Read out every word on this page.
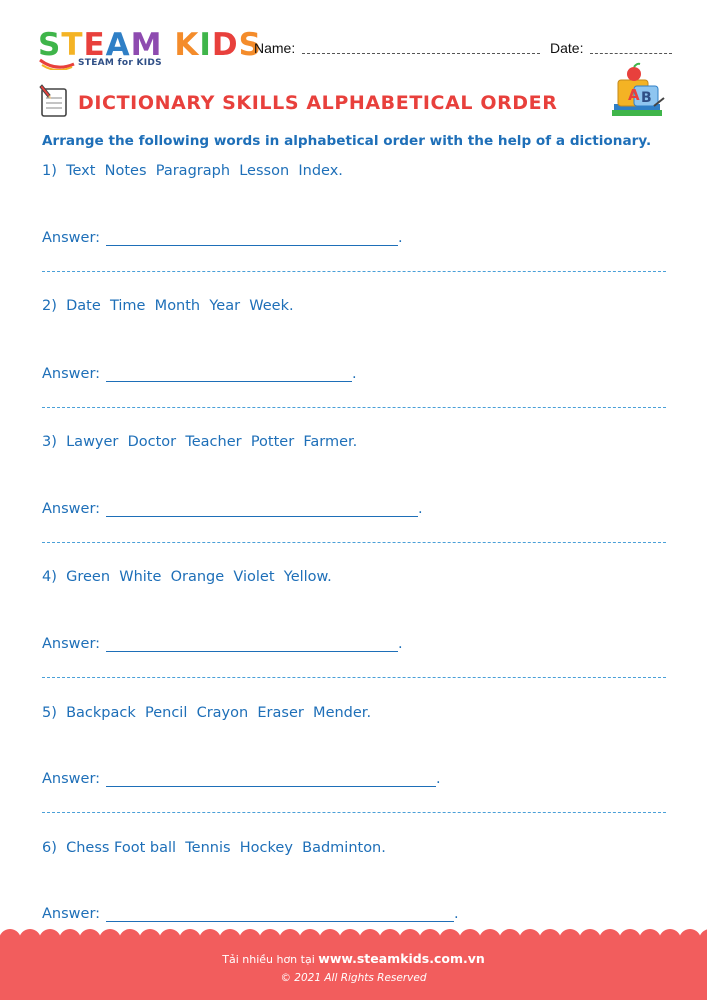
STEAM KIDS
STEAM for KIDS
Name:	Date:
DICTIONARY SKILLS ALPHABETICAL ORDER	A B
Arrange the following words in alphabetical order with the help of a dictionary.
1)  Text  Notes  Paragraph  Lesson  Index.
Answer:	.
2)  Date  Time  Month  Year  Week.
Answer:	.
3)  Lawyer  Doctor  Teacher  Potter  Farmer.
Answer:	.
4)  Green  White  Orange  Violet  Yellow.
Answer:	.
5)  Backpack  Pencil  Crayon  Eraser  Mender.
Answer:	.
6)  Chess Foot ball  Tennis  Hockey  Badminton.
Answer:	.
Tải nhiều hơn tại www.steamkids.com.vn
© 2021 All Rights Reserved
